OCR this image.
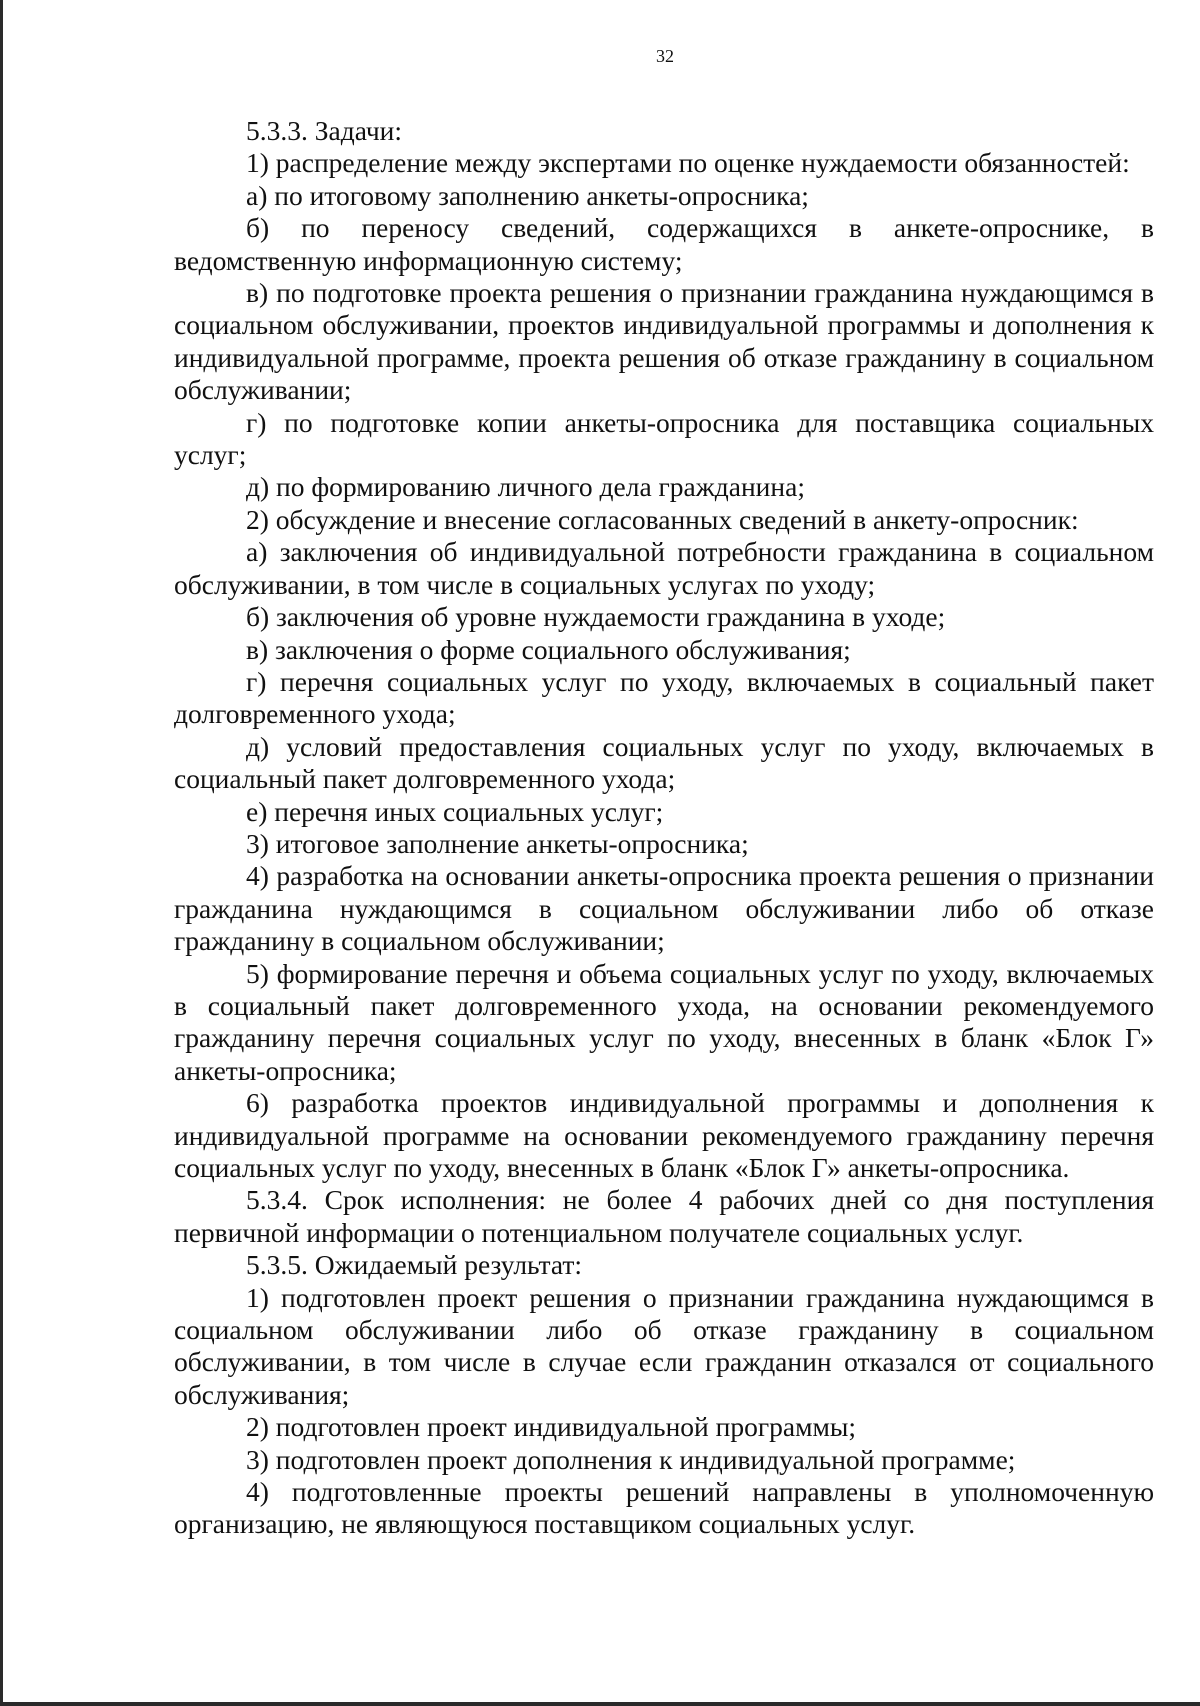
32

5.3.3. Задачи:

1) распределение между экспертами по оценке нуждаемости обязанностей:

а) по итоговому заполнению анкеты-опросника;

б) по переносу сведений, содержащихся в анкете-опроснике, в ведомственную информационную систему;

в) по подготовке проекта решения о признании гражданина нуждающимся в социальном обслуживании, проектов индивидуальной программы и дополнения к индивидуальной программе, проекта решения об отказе гражданину в социальном обслуживании;

г) по подготовке копии анкеты-опросника для поставщика социальных услуг;

д) по формированию личного дела гражданина;

2) обсуждение и внесение согласованных сведений в анкету-опросник:

а) заключения об индивидуальной потребности гражданина в социальном обслуживании, в том числе в социальных услугах по уходу;

б) заключения об уровне нуждаемости гражданина в уходе;

в) заключения о форме социального обслуживания;

г) перечня социальных услуг по уходу, включаемых в социальный пакет долговременного ухода;

д) условий предоставления социальных услуг по уходу, включаемых в социальный пакет долговременного ухода;

е) перечня иных социальных услуг;

3) итоговое заполнение анкеты-опросника;

4) разработка на основании анкеты-опросника проекта решения о признании гражданина нуждающимся в социальном обслуживании либо об отказе гражданину в социальном обслуживании;

5) формирование перечня и объема социальных услуг по уходу, включаемых в социальный пакет долговременного ухода, на основании рекомендуемого гражданину перечня социальных услуг по уходу, внесенных в бланк «Блок Г» анкеты-опросника;

6) разработка проектов индивидуальной программы и дополнения к индивидуальной программе на основании рекомендуемого гражданину перечня социальных услуг по уходу, внесенных в бланк «Блок Г» анкеты-опросника.

5.3.4. Срок исполнения: не более 4 рабочих дней со дня поступления первичной информации о потенциальном получателе социальных услуг.

5.3.5. Ожидаемый результат:

1) подготовлен проект решения о признании гражданина нуждающимся в социальном обслуживании либо об отказе гражданину в социальном обслуживании, в том числе в случае если гражданин отказался от социального обслуживания;

2) подготовлен проект индивидуальной программы;

3) подготовлен проект дополнения к индивидуальной программе;

4) подготовленные проекты решений направлены в уполномоченную организацию, не являющуюся поставщиком социальных услуг.
